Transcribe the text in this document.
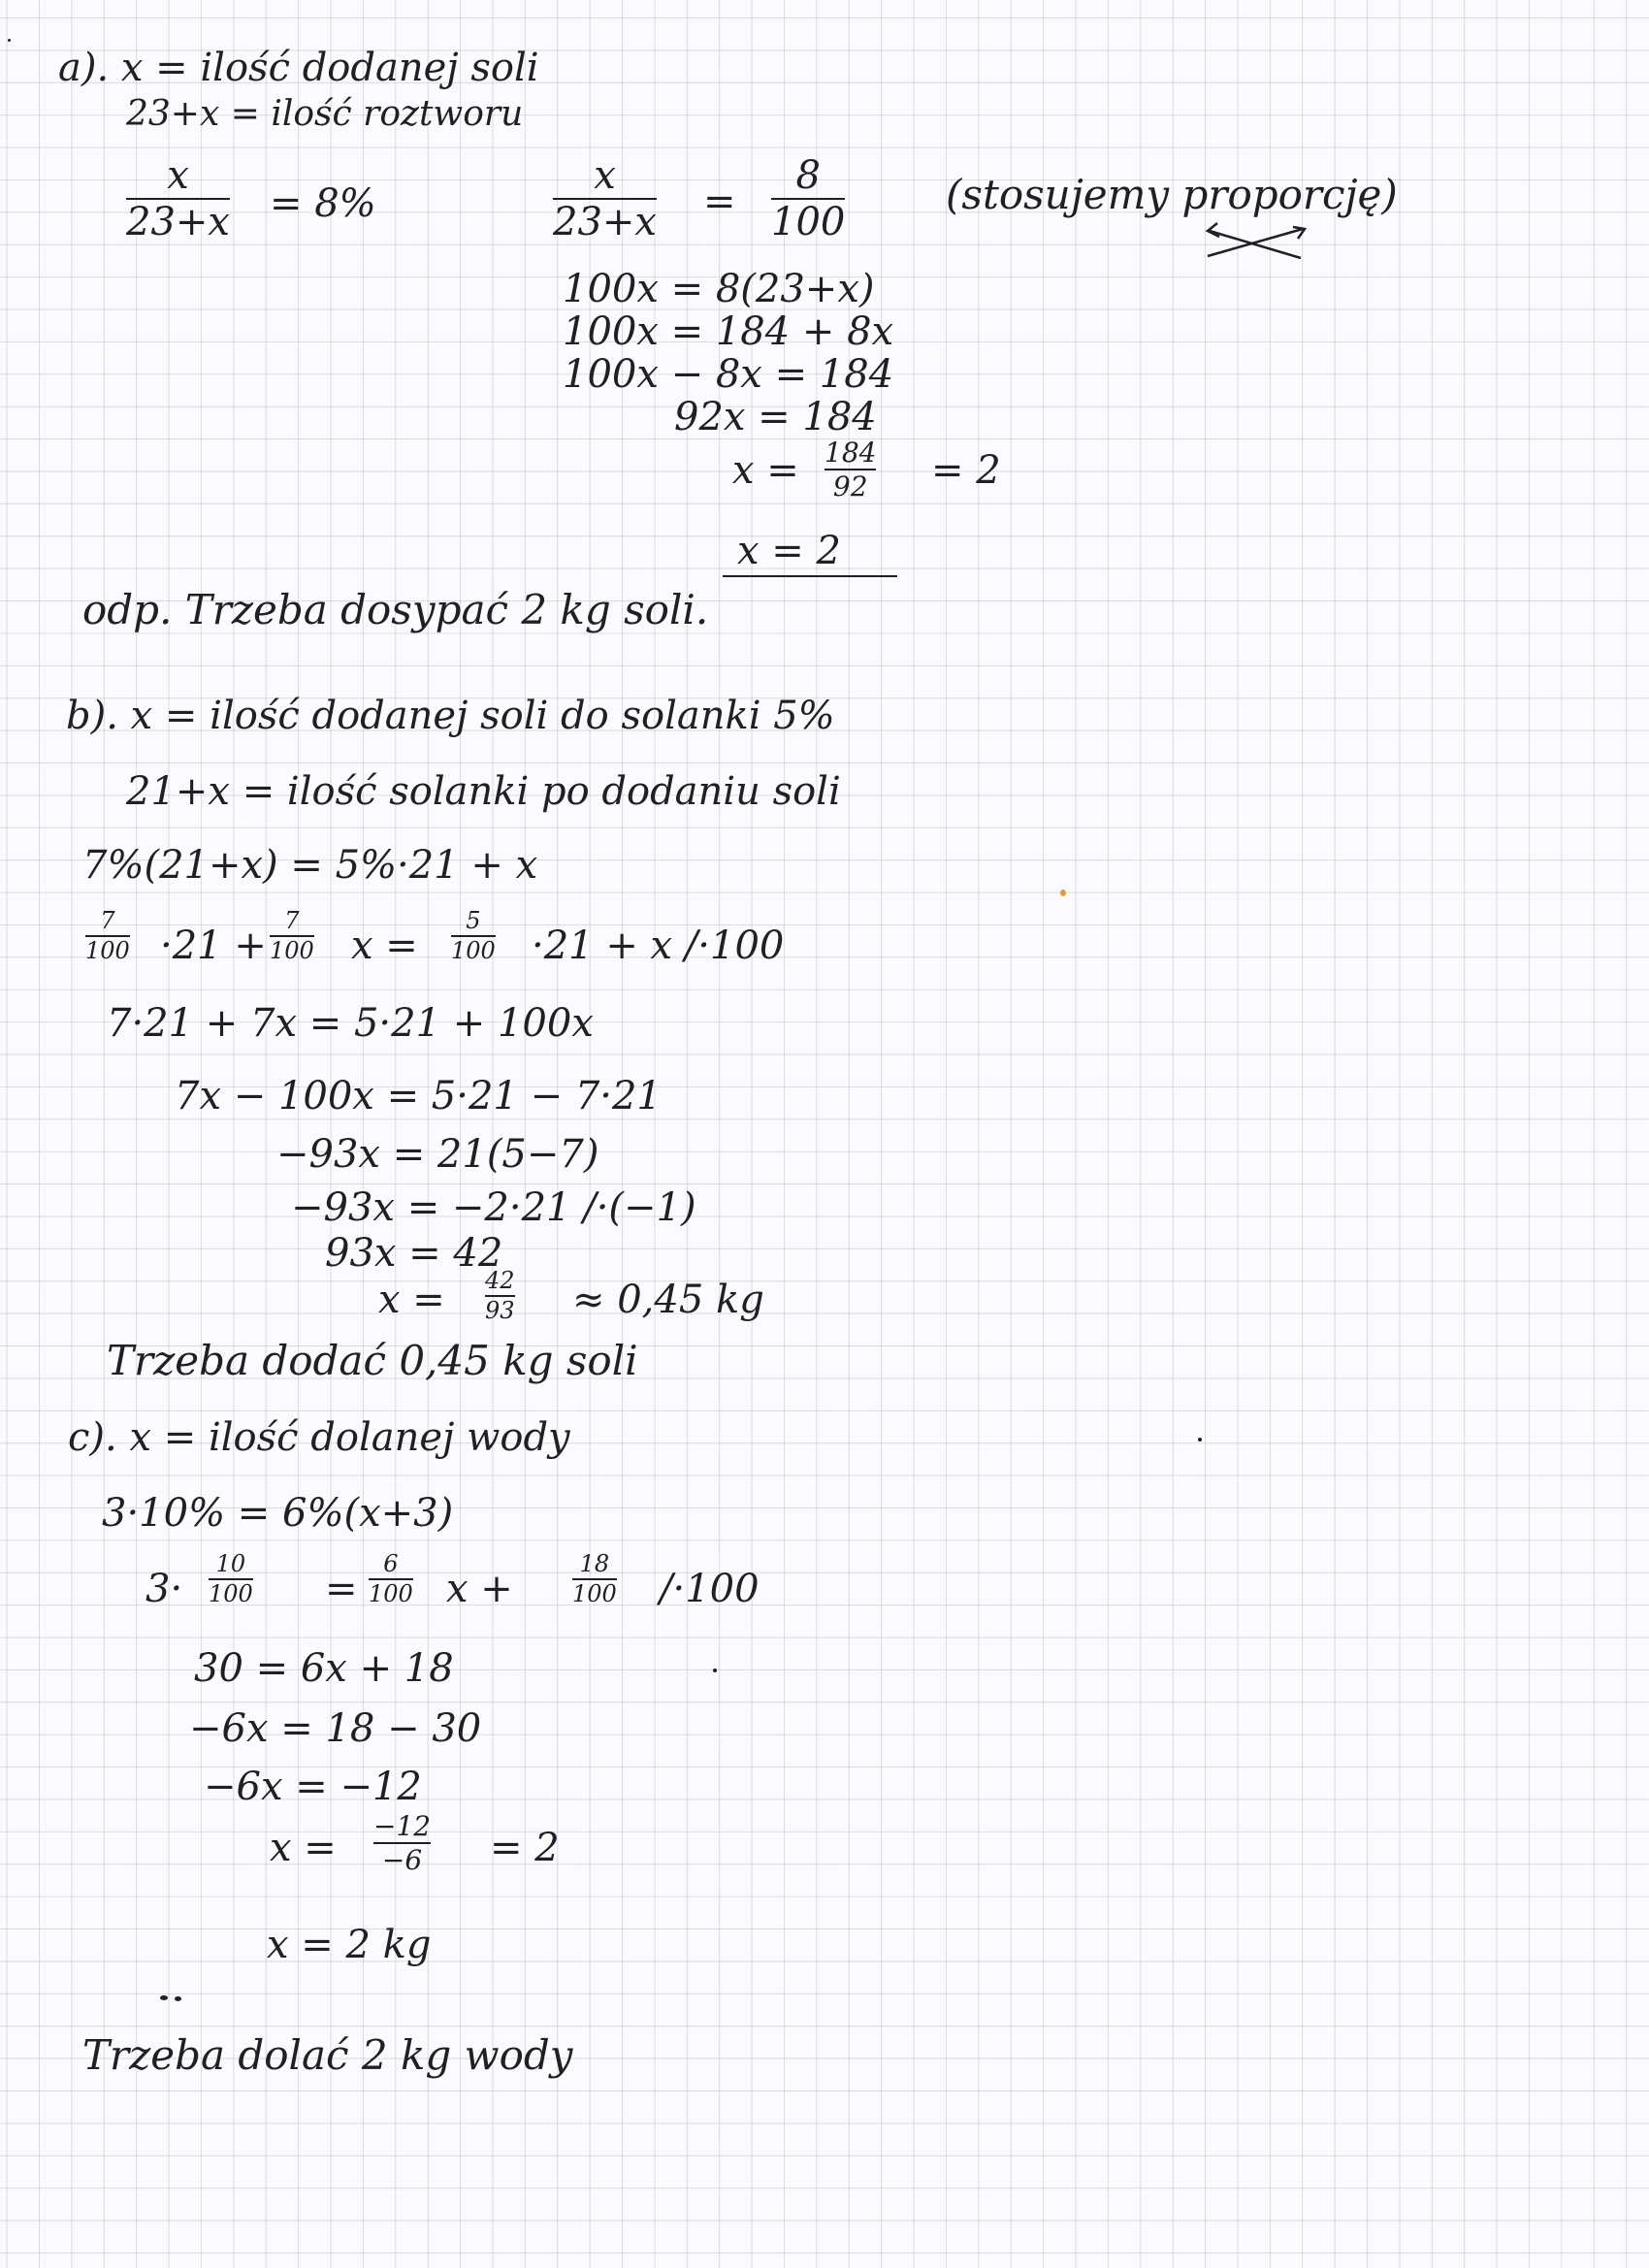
a). x = ilość dodanej soli
23+x = ilość roztworu
x
23+x = 8%
x
23+x =
8
100
(stosujemy proporcję)
100x = 8(23+x)
100x = 184 + 8x
100x − 8x = 184
92x = 184
x = 184
92 = 2
x = 2
odp. Trzeba dosypać 2 kg soli.
b). x = ilość dodanej soli do solanki 5%
21+x = ilość solanki po dodaniu soli
7%(21+x) = 5%·21 + x
7
100 ·21 +
7
100 x =
5
100 ·21 + x /·100
7·21 + 7x = 5·21 + 100x
7x − 100x = 5·21 − 7·21
−93x = 21(5−7)
−93x = −2·21 /·(−1)
93x = 42
x = 42
93 ≈ 0,45 kg
Trzeba dodać 0,45 kg soli
c). x = ilość dolanej wody
3·10% = 6%(x+3)
3·
10
100 =
6
100 x +
18
100 /·100
30 = 6x + 18
−6x = 18 − 30
−6x = −12
x = −12
−6 = 2
x = 2 kg
Trzeba dolać 2 kg wody
